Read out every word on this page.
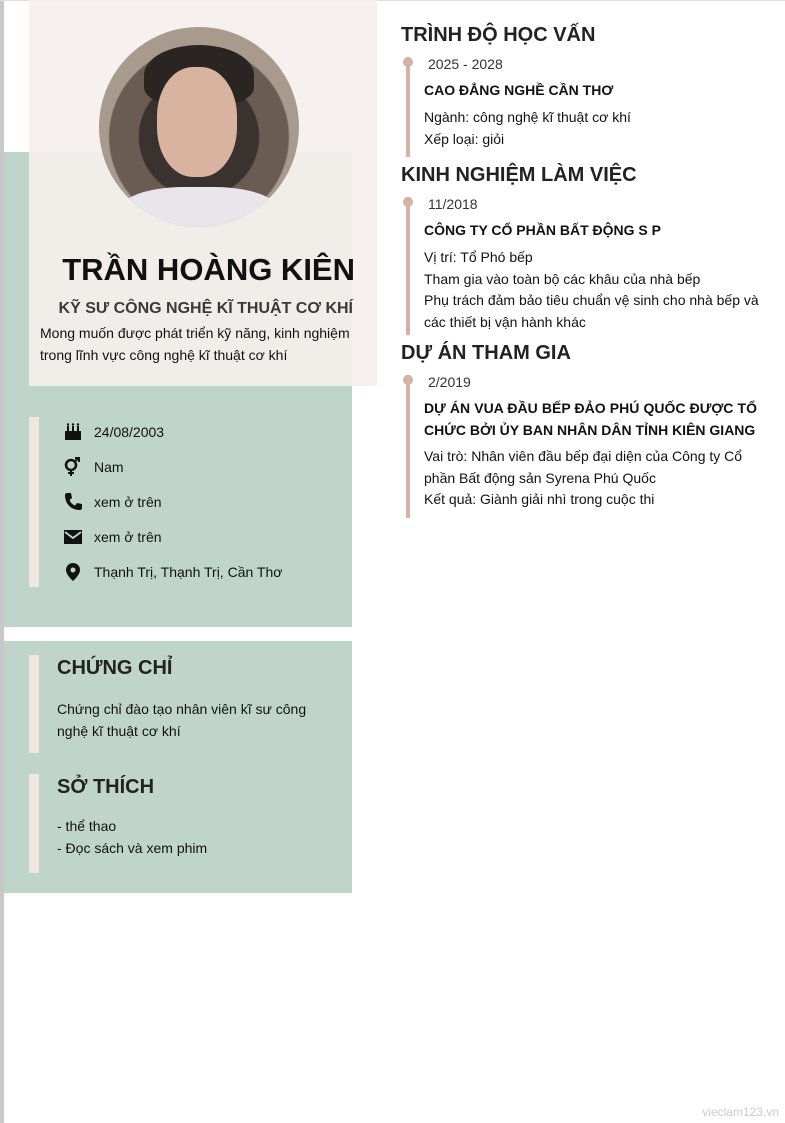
TRẦN HOÀNG KIÊN
KỸ SƯ CÔNG NGHỆ KĨ THUẬT CƠ KHÍ
Mong muốn được phát triển kỹ năng, kinh nghiệm trong lĩnh vực công nghệ kĩ thuật cơ khí
24/08/2003
Nam
xem ở trên
xem ở trên
Thạnh Trị, Thạnh Trị, Cần Thơ
CHỨNG CHỈ

Chứng chỉ đào tạo nhân viên kĩ sư công nghệ kĩ thuật cơ khí

SỞ THÍCH

- thể thao

- Đọc sách và xem phim

TRÌNH ĐỘ HỌC VẤN
2025 - 2028
CAO ĐẲNG NGHỀ CẦN THƠ
Ngành: công nghệ kĩ thuật cơ khí
Xếp loại: giỏi
KINH NGHIỆM LÀM VIỆC
11/2018
CÔNG TY CỔ PHẦN BẤT ĐỘNG S P
Vị trí: Tổ Phó bếp
Tham gia vào toàn bộ các khâu của nhà bếp
Phụ trách đảm bảo tiêu chuẩn vệ sinh cho nhà bếp và các thiết bị vận hành khác
DỰ ÁN THAM GIA
2/2019
DỰ ÁN VUA ĐẦU BẾP ĐẢO PHÚ QUỐC ĐƯỢC TỔ CHỨC BỞI ỦY BAN NHÂN DÂN TỈNH KIÊN GIANG
Vai trò: Nhân viên đầu bếp đại diện của Công ty Cổ phần Bất động sản Syrena Phú Quốc
Kết quả: Giành giải nhì trong cuộc thi
vieclam123.vn
